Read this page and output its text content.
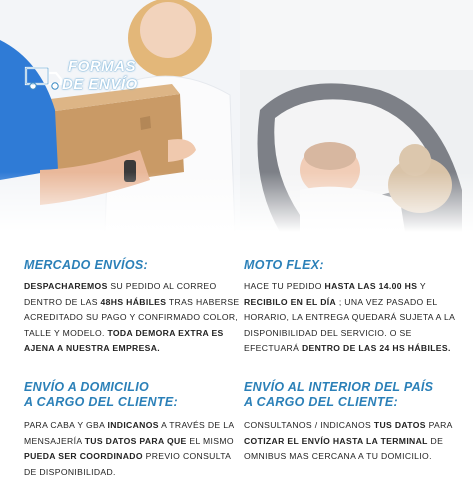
FORMAS
DE ENVÍO
MERCADO ENVÍOS:
DESPACHAREMOS SU PEDIDO AL CORREO DENTRO DE LAS 48HS HÁBILES TRAS HABERSE ACREDITADO SU PAGO Y CONFIRMADO COLOR, TALLE Y MODELO. TODA DEMORA EXTRA ES AJENA A NUESTRA EMPRESA.
MOTO FLEX:
HACE TU PEDIDO HASTA LAS 14.00 HS Y RECIBILO EN EL DÍA ; UNA VEZ PASADO EL HORARIO, LA ENTREGA QUEDARÁ SUJETA A LA DISPONIBILIDAD DEL SERVICIO. O SE EFECTUARÁ DENTRO DE LAS 24 HS HÁBILES.
ENVÍO A DOMICILIO
A CARGO DEL CLIENTE:
PARA CABA Y GBA INDICANOS A TRAVÉS DE LA MENSAJERÍA TUS DATOS PARA QUE EL MISMO PUEDA SER COORDINADO PREVIO CONSULTA DE DISPONIBILIDAD.
ENVÍO AL INTERIOR DEL PAÍS
A CARGO DEL CLIENTE:
CONSULTANOS / INDICANOS TUS DATOS PARA COTIZAR EL ENVÍO HASTA LA TERMINAL DE OMNIBUS MAS CERCANA A TU DOMICILIO.
